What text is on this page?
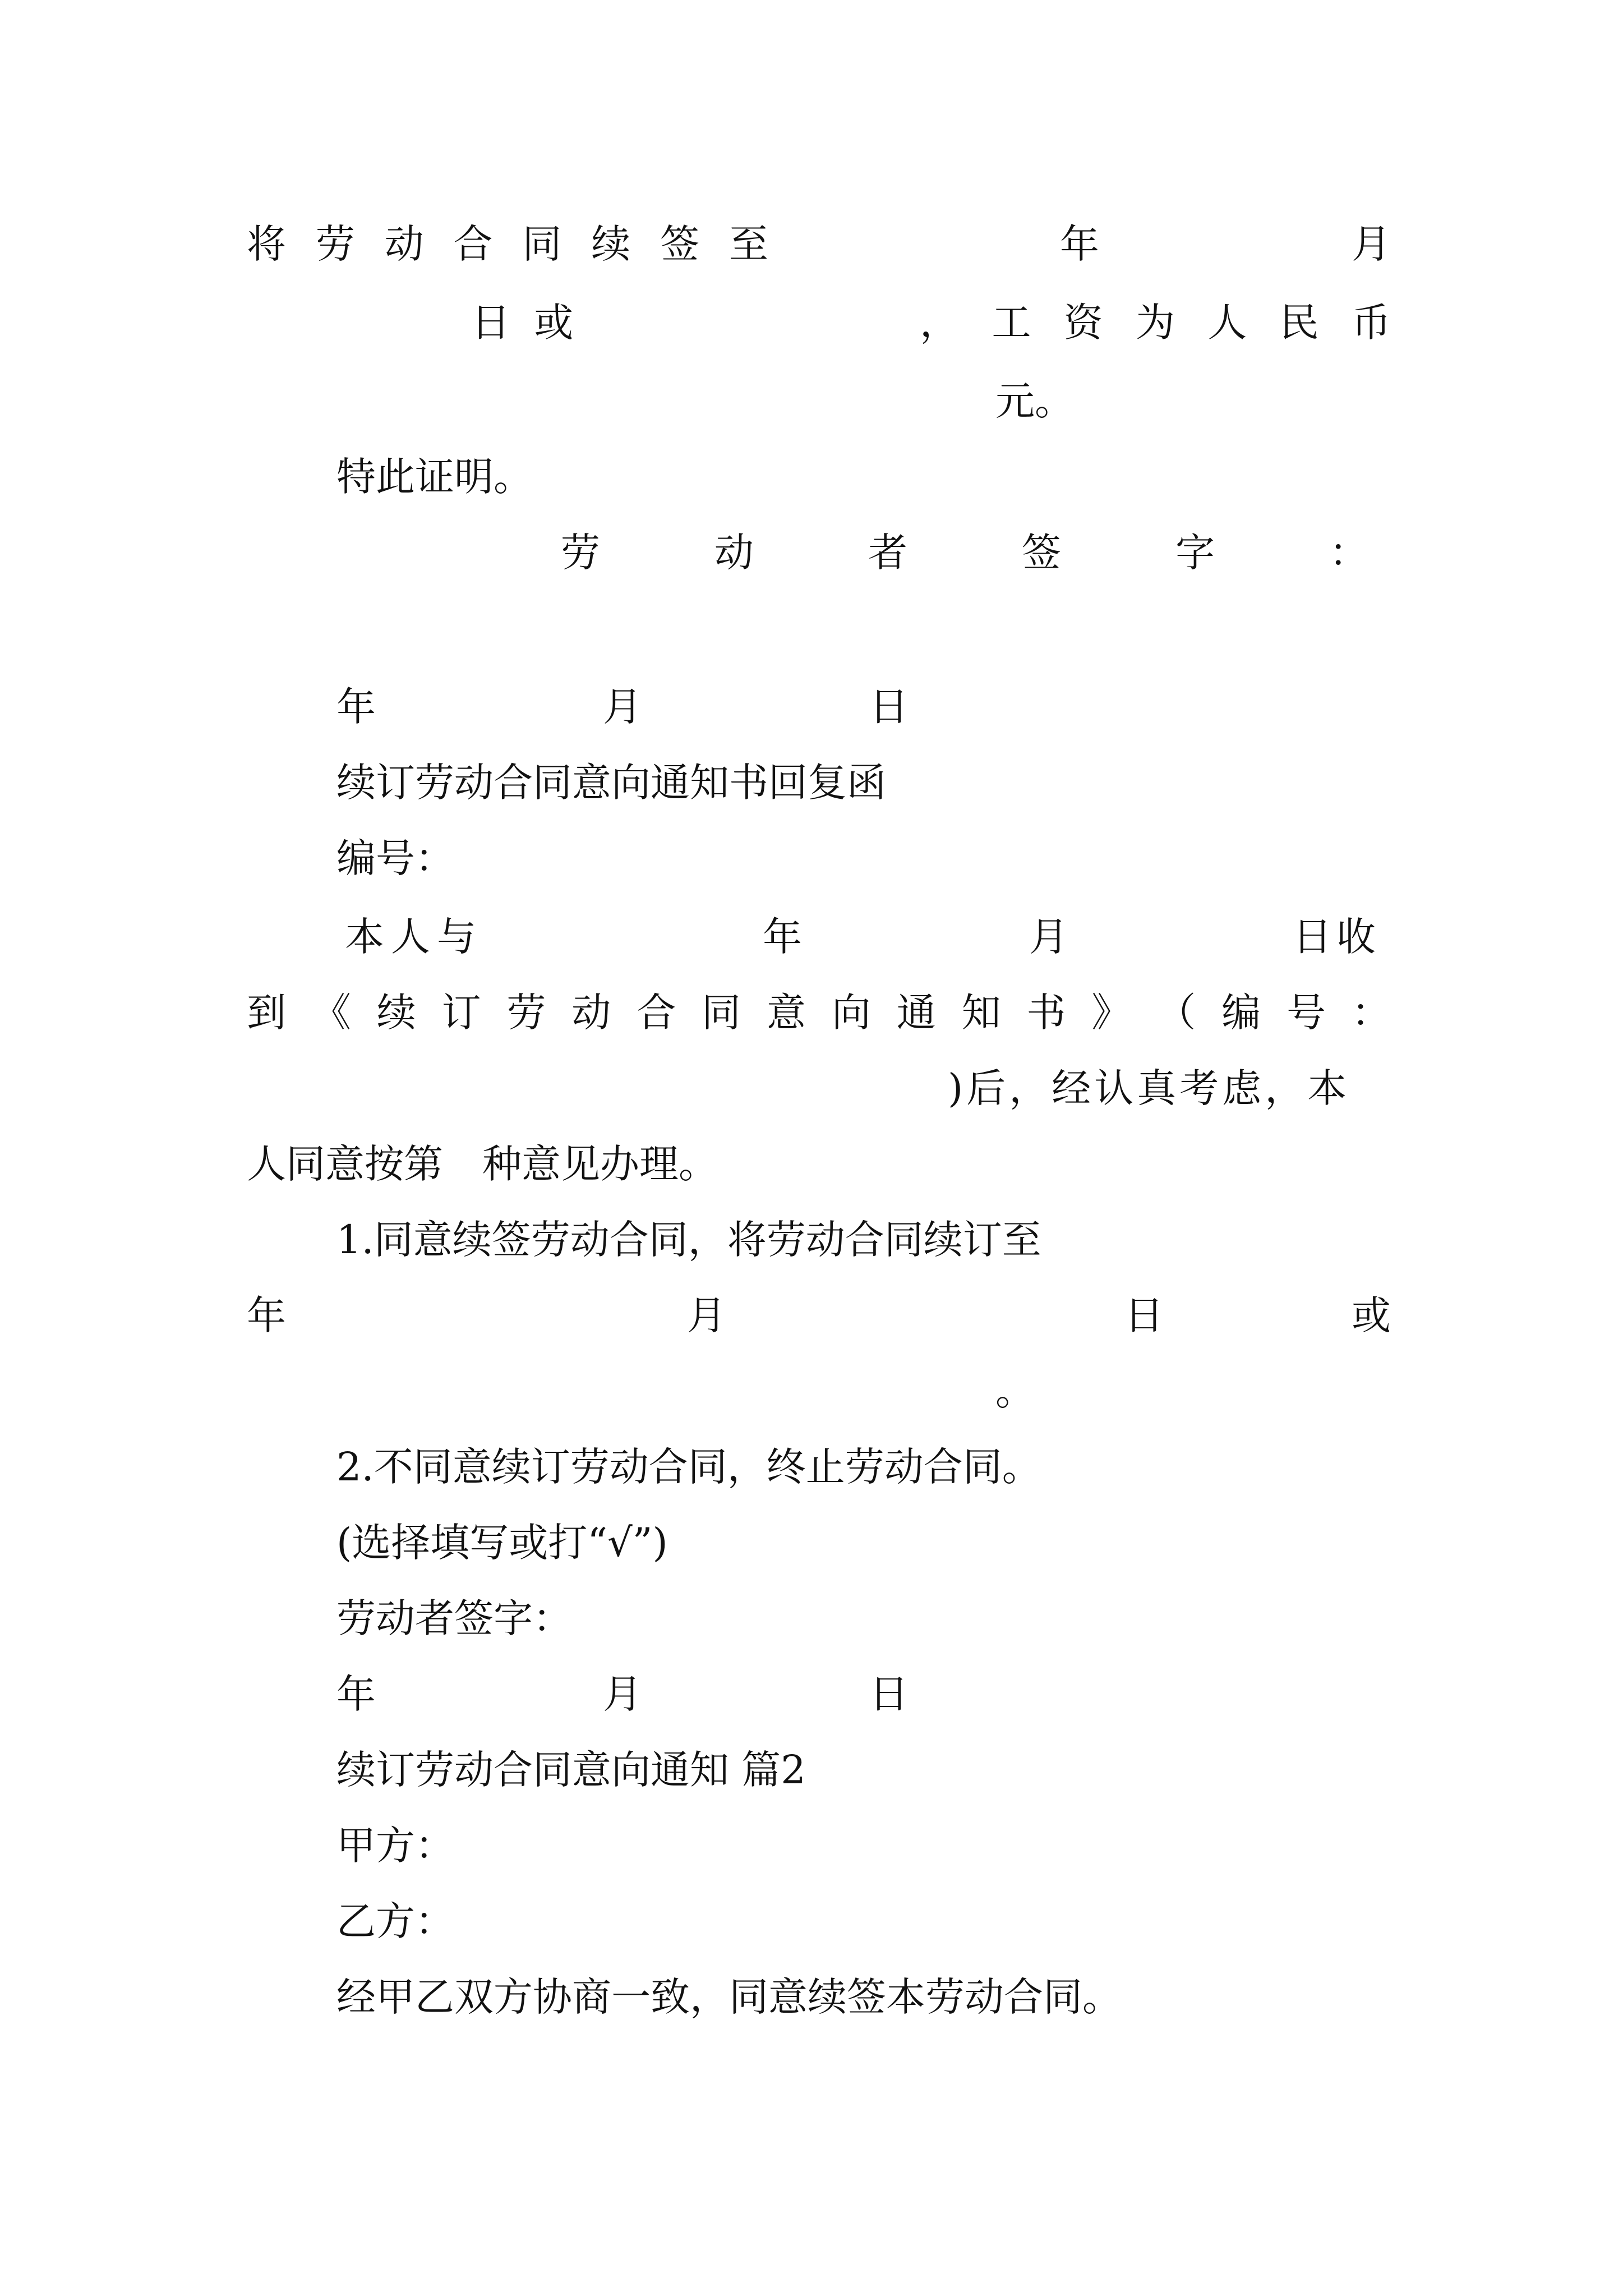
将 劳 动 合 同 续 签 至	年	月
日 或	， 工 资 为 人 民 币
元。
特此证明。
劳	动	者	签	字	：
年	月	日
续订劳动合同意向通知书回复函
编号：
本人与	年	月	日收
到 《 续 订 劳 动 合 同 意 向 通 知 书 》 （ 编 号 ：
)后，经认真考虑，本
人同意按第　种意见办理。
1.同意续签劳动合同，将劳动合同续订至
年	月	日	或
。
2.不同意续订劳动合同，终止劳动合同。
(选择填写或打“√”)
劳动者签字：
年	月	日
续订劳动合同意向通知 篇2
甲方：
乙方：
经甲乙双方协商一致，同意续签本劳动合同。
